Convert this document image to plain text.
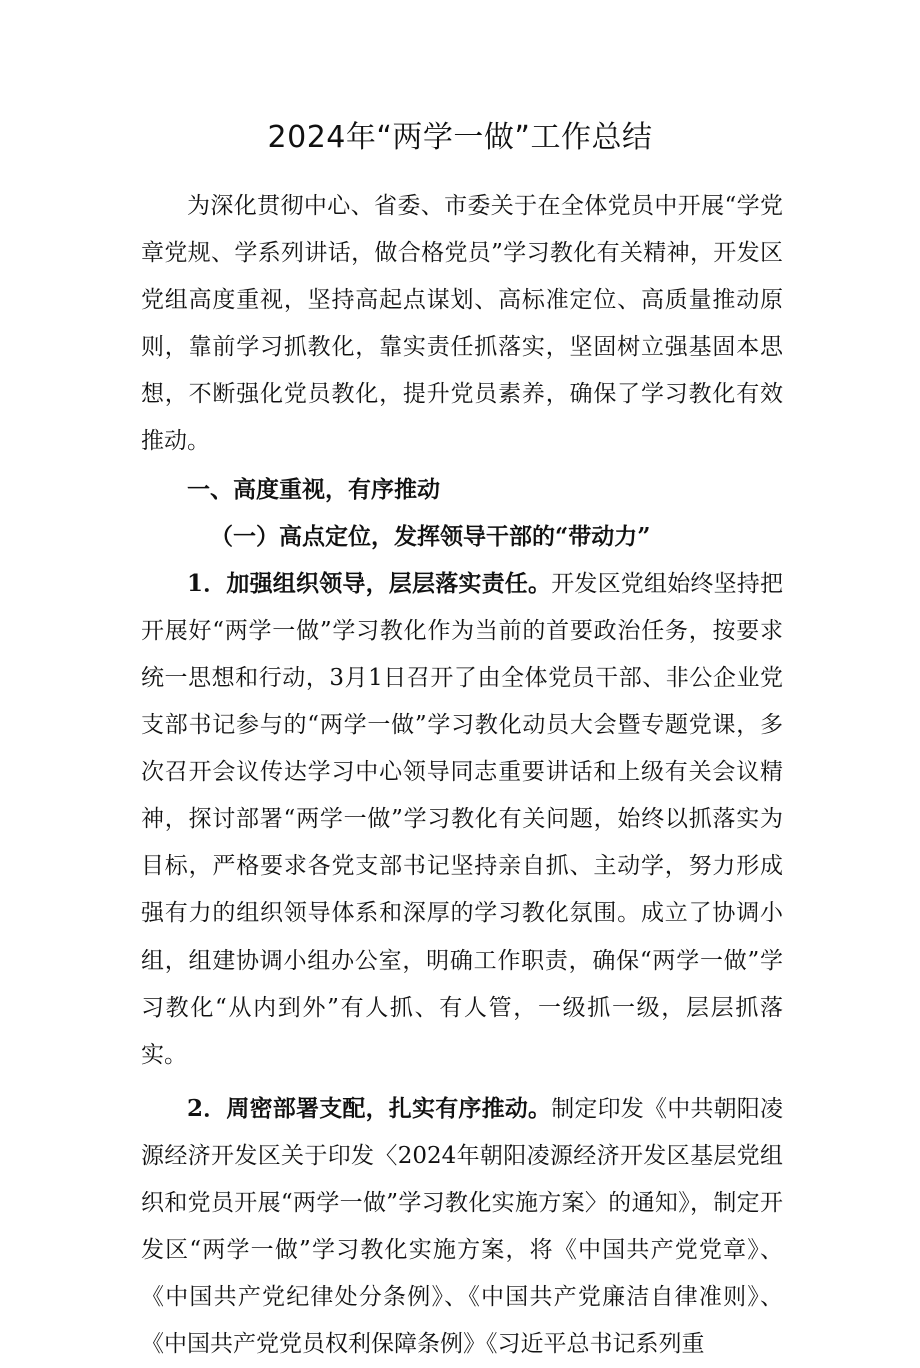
2024年“两学一做”工作总结

为深化贯彻中心、省委、市委关于在全体党员中开展“学党章党规、学系列讲话，做合格党员”学习教化有关精神，开发区党组高度重视，坚持高起点谋划、高标准定位、高质量推动原则，靠前学习抓教化，靠实责任抓落实，坚固树立强基固本思想，不断强化党员教化，提升党员素养，确保了学习教化有效推动。

一、高度重视，有序推动

（一）高点定位，发挥领导干部的“带动力”

1．加强组织领导，层层落实责任。开发区党组始终坚持把开展好“两学一做”学习教化作为当前的首要政治任务，按要求统一思想和行动，3月1日召开了由全体党员干部、非公企业党支部书记参与的“两学一做”学习教化动员大会暨专题党课，多次召开会议传达学习中心领导同志重要讲话和上级有关会议精神，探讨部署“两学一做”学习教化有关问题，始终以抓落实为目标，严格要求各党支部书记坚持亲自抓、主动学，努力形成强有力的组织领导体系和深厚的学习教化氛围。成立了协调小组，组建协调小组办公室，明确工作职责，确保“两学一做”学习教化“从内到外”有人抓、有人管，一级抓一级，层层抓落实。

2．周密部署支配，扎实有序推动。制定印发《中共朝阳凌源经济开发区关于印发〈2024年朝阳凌源经济开发区基层党组织和党员开展“两学一做”学习教化实施方案〉的通知》，制定开发区“两学一做”学习教化实施方案，将《中国共产党党章》、《中国共产党纪律处分条例》、《中国共产党廉洁自律准则》、《中国共产党党员权利保障条例》《习近平总书记系列重
